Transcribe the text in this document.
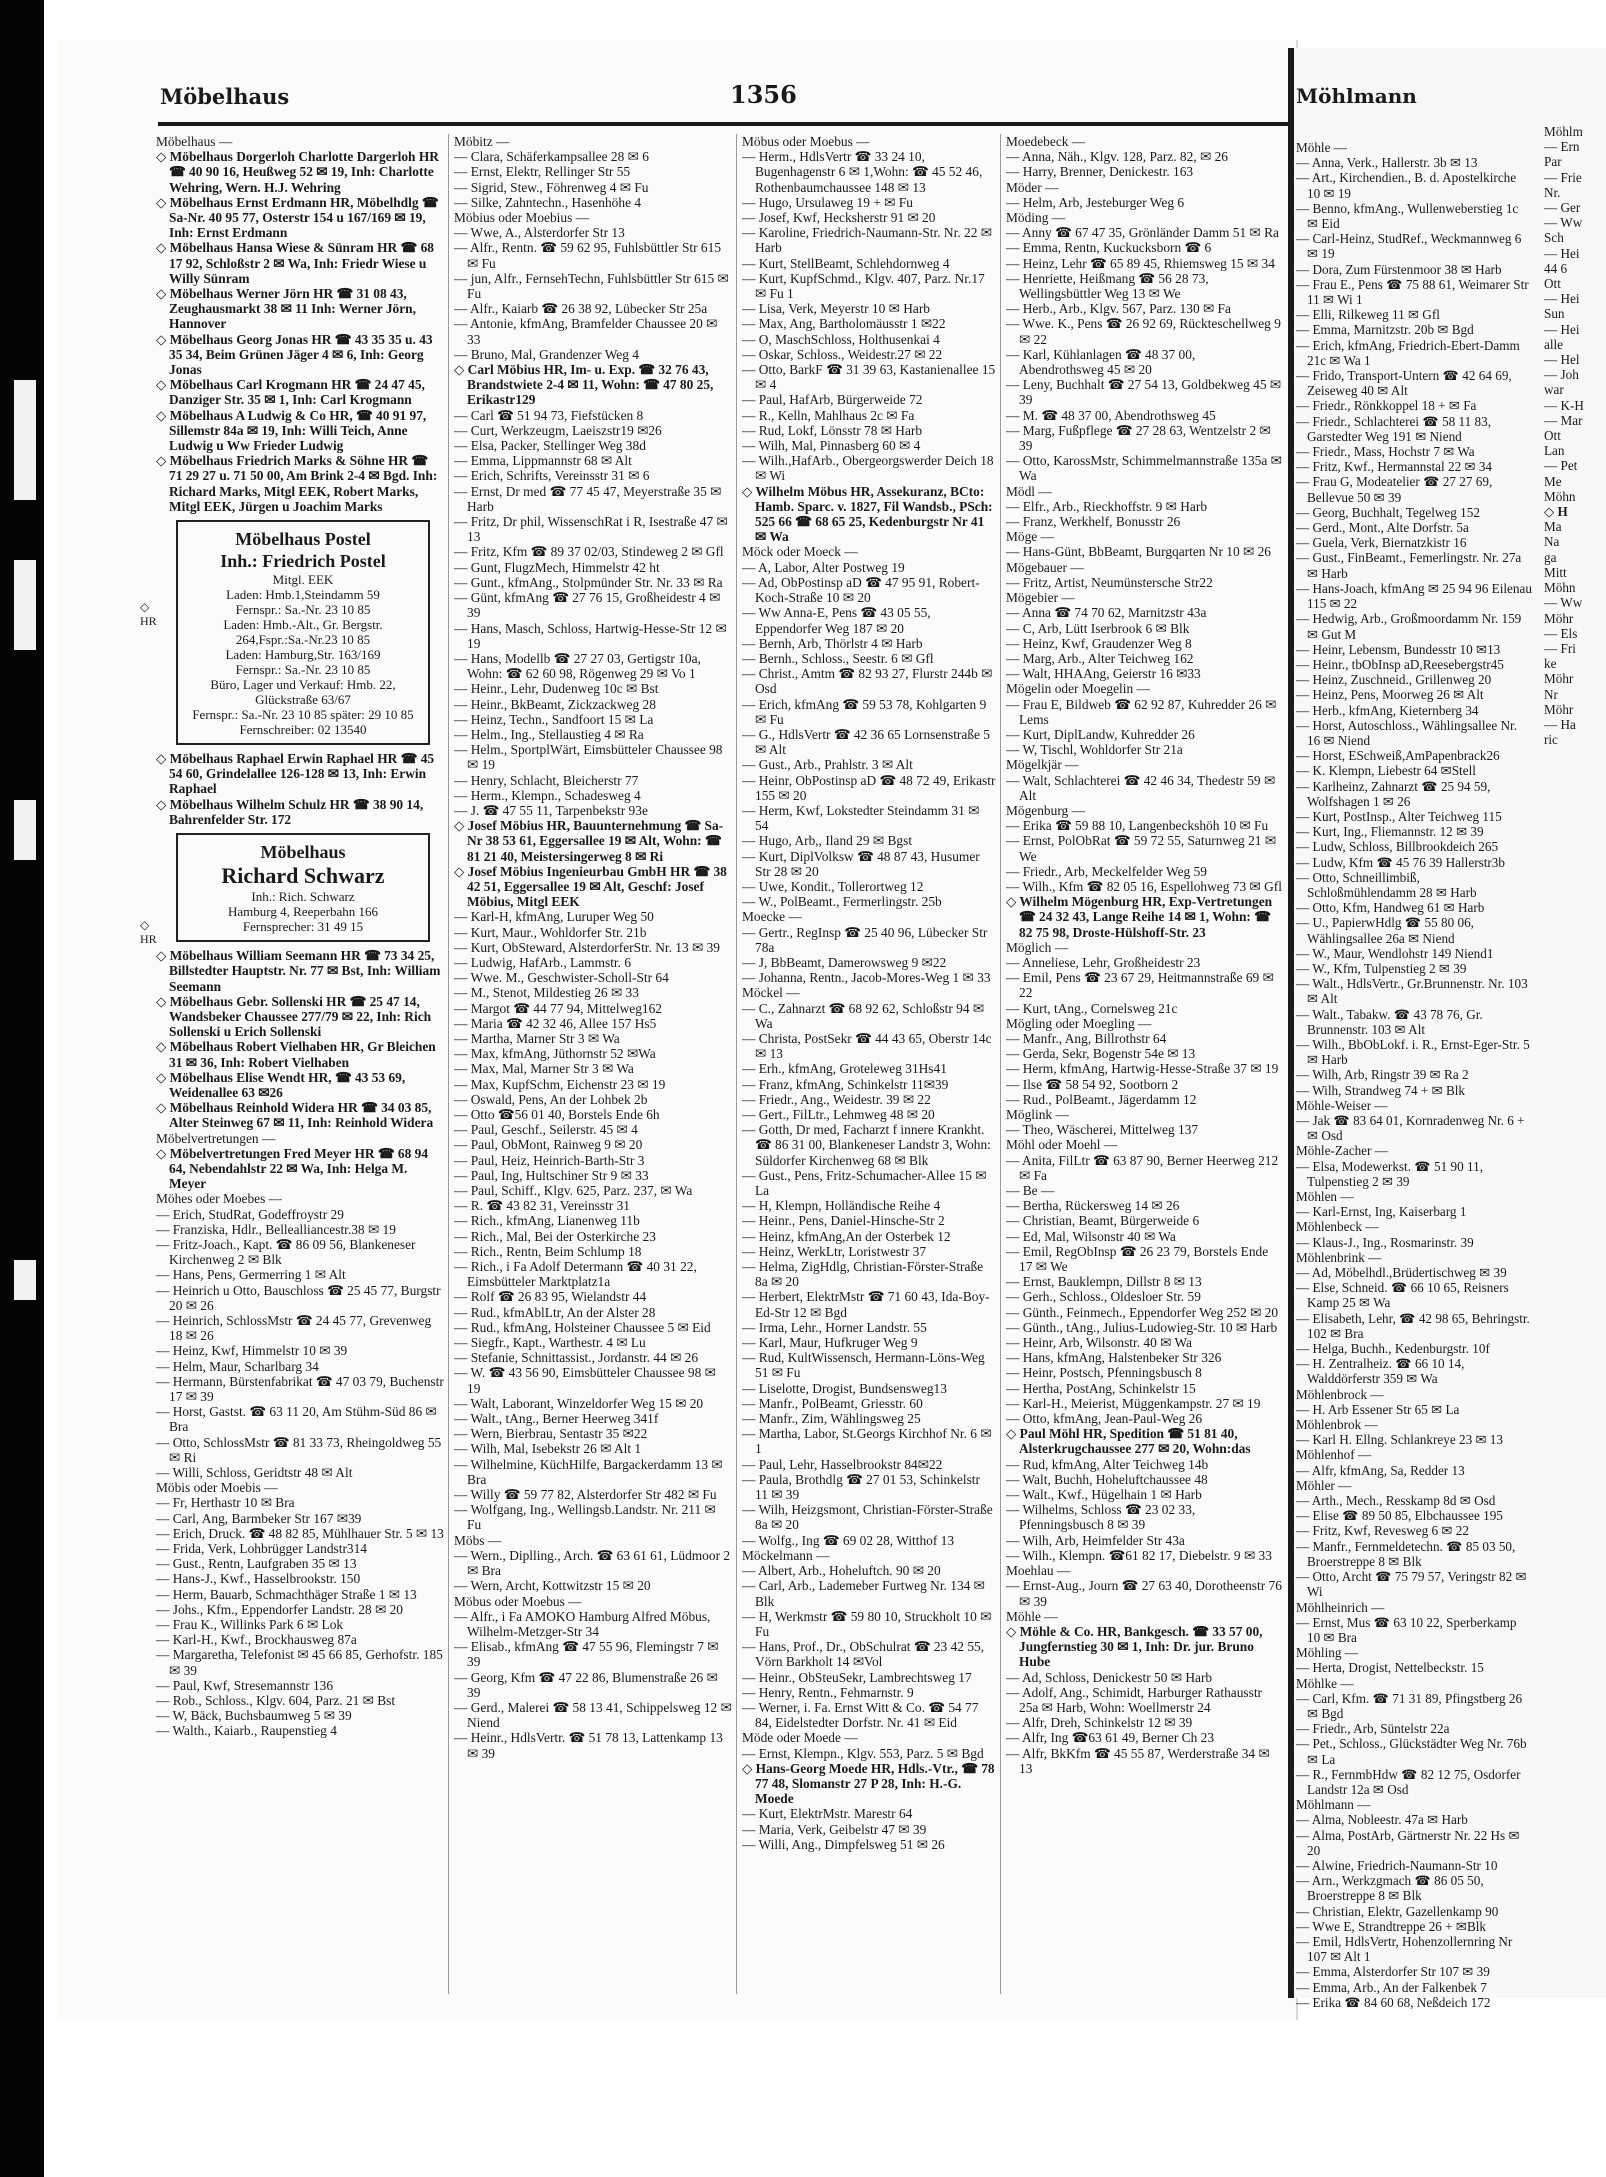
Möbelhaus	1356	Möhlmann

Möbelhaus —

◇ Möbelhaus Dorgerloh Charlotte Dargerloh HR ☎ 40 90 16, Heußweg 52 ✉ 19, Inh: Charlotte Wehring, Wern. H.J. Wehring

◇ Möbelhaus Ernst Erdmann HR, Möbelhdlg ☎ Sa-Nr. 40 95 77, Osterstr 154 u 167/169 ✉ 19, Inh: Ernst Erdmann

◇ Möbelhaus Hansa Wiese & Sünram HR ☎ 68 17 92, Schloßstr 2 ✉ Wa, Inh: Friedr Wiese u Willy Sünram

◇ Möbelhaus Werner Jörn HR ☎ 31 08 43, Zeughausmarkt 38 ✉ 11 Inh: Werner Jörn, Hannover

◇ Möbelhaus Georg Jonas HR ☎ 43 35 35 u. 43 35 34, Beim Grünen Jäger 4 ✉ 6, Inh: Georg Jonas

◇ Möbelhaus Carl Krogmann HR ☎ 24 47 45, Danziger Str. 35 ✉ 1, Inh: Carl Krogmann

◇ Möbelhaus A Ludwig & Co HR, ☎ 40 91 97, Sillemstr 84a ✉ 19, Inh: Willi Teich, Anne Ludwig u Ww Frieder Ludwig

◇ Möbelhaus Friedrich Marks & Söhne HR ☎ 71 29 27 u. 71 50 00, Am Brink 2-4 ✉ Bgd. Inh: Richard Marks, Mitgl EEK, Robert Marks, Mitgl EEK, Jürgen u Joachim Marks

Möbelhaus Postel
Inh.: Friedrich Postel
Mitgl. EEK
Laden: Hmb.1,Steindamm 59
Fernspr.: Sa.-Nr. 23 10 85
Laden: Hmb.-Alt., Gr. Bergstr. 264,Fspr.:Sa.-Nr.23 10 85
Laden: Hamburg,Str. 163/169
Fernspr.: Sa.-Nr. 23 10 85
Büro, Lager und Verkauf: Hmb. 22, Glückstraße 63/67
Fernspr.: Sa.-Nr. 23 10 85 später: 29 10 85
Fernschreiber: 02 13540

◇ Möbelhaus Raphael Erwin Raphael HR ☎ 45 54 60, Grindelallee 126-128 ✉ 13, Inh: Erwin Raphael

◇ Möbelhaus Wilhelm Schulz HR ☎ 38 90 14, Bahrenfelder Str. 172

Möbelhaus
Richard Schwarz
Inh.: Rich. Schwarz
Hamburg 4, Reeperbahn 166
Fernsprecher: 31 49 15

◇ Möbelhaus William Seemann HR ☎ 73 34 25, Billstedter Hauptstr. Nr. 77 ✉ Bst, Inh: William Seemann

◇ Möbelhaus Gebr. Sollenski HR ☎ 25 47 14, Wandsbeker Chaussee 277/79 ✉ 22, Inh: Rich Sollenski u Erich Sollenski

◇ Möbelhaus Robert Vielhaben HR, Gr Bleichen 31 ✉ 36, Inh: Robert Vielhaben

◇ Möbelhaus Elise Wendt HR, ☎ 43 53 69, Weidenallee 63 ✉26

◇ Möbelhaus Reinhold Widera HR ☎ 34 03 85, Alter Steinweg 67 ✉ 11, Inh: Reinhold Widera

Möbelvertretungen —

◇ Möbelvertretungen Fred Meyer HR ☎ 68 94 64, Nebendahlstr 22 ✉ Wa, Inh: Helga M. Meyer

Möhes oder Moebes —

— Erich, StudRat, Godeffroystr 29

— Franziska, Hdlr., Bellealliancestr.38 ✉ 19

— Fritz-Joach., Kapt. ☎ 86 09 56, Blankeneser Kirchenweg 2 ✉ Blk

— Hans, Pens, Germerring 1 ✉ Alt

— Heinrich u Otto, Bauschloss ☎ 25 45 77, Burgstr 20 ✉ 26

— Heinrich, SchlossMstr ☎ 24 45 77, Grevenweg 18 ✉ 26

— Heinz, Kwf, Himmelstr 10 ✉ 39

— Helm, Maur, Scharlbarg 34

— Hermann, Bürstenfabrikat ☎ 47 03 79, Buchenstr 17 ✉ 39

— Horst, Gastst. ☎ 63 11 20, Am Stühm-Süd 86 ✉ Bra

— Otto, SchlossMstr ☎ 81 33 73, Rheingoldweg 55 ✉ Ri

— Willi, Schloss, Geridtstr 48 ✉ Alt

Möbis oder Moebis —

— Fr, Herthastr 10 ✉ Bra

— Carl, Ang, Barmbeker Str 167 ✉39

— Erich, Druck. ☎ 48 82 85, Mühlhauer Str. 5 ✉ 13

— Frida, Verk, Lohbrügger Landstr314

— Gust., Rentn, Laufgraben 35 ✉ 13

— Hans-J., Kwf., Hasselbrookstr. 150

— Herm, Bauarb, Schmachthäger Straße 1 ✉ 13

— Johs., Kfm., Eppendorfer Landstr. 28 ✉ 20

— Frau K., Willinks Park 6 ✉ Lok

— Karl-H., Kwf., Brockhausweg 87a

— Margaretha, Telefonist ✉ 45 66 85, Gerhofstr. 185 ✉ 39

— Paul, Kwf, Stresemannstr 136

— Rob., Schloss., Klgv. 604, Parz. 21 ✉ Bst

— W, Bäck, Buchsbaumweg 5 ✉ 39

— Walth., Kaiarb., Raupenstieg 4

◇ HR
◇ HR

Möbitz —

— Clara, Schäferkampsallee 28 ✉ 6

— Ernst, Elektr, Rellinger Str 55

— Sigrid, Stew., Föhrenweg 4 ✉ Fu

— Silke, Zahntechn., Hasenhöhe 4

Möbius oder Moebius —

— Wwe, A., Alsterdorfer Str 13

— Alfr., Rentn. ☎ 59 62 95, Fuhlsbüttler Str 615 ✉ Fu

— jun, Alfr., FernsehTechn, Fuhlsbüttler Str 615 ✉ Fu

— Alfr., Kaiarb ☎ 26 38 92, Lübecker Str 25a

— Antonie, kfmAng, Bramfelder Chaussee 20 ✉ 33

— Bruno, Mal, Grandenzer Weg 4

◇ Carl Möbius HR, Im- u. Exp. ☎ 32 76 43, Brandstwiete 2-4 ✉ 11, Wohn: ☎ 47 80 25, Erikastr129

— Carl ☎ 51 94 73, Fiefstücken 8

— Curt, Werkzeugm, Laeiszstr19 ✉26

— Elsa, Packer, Stellinger Weg 38d

— Emma, Lippmannstr 68 ✉ Alt

— Erich, Schrifts, Vereinsstr 31 ✉ 6

— Ernst, Dr med ☎ 77 45 47, Meyerstraße 35 ✉ Harb

— Fritz, Dr phil, WissenschRat i R, Isestraße 47 ✉ 13

— Fritz, Kfm ☎ 89 37 02/03, Stindeweg 2 ✉ Gfl

— Gunt, FlugzMech, Himmelstr 42 ht

— Gunt., kfmAng., Stolpmünder Str. Nr. 33 ✉ Ra

— Günt, kfmAng ☎ 27 76 15, Großheidestr 4 ✉ 39

— Hans, Masch, Schloss, Hartwig-Hesse-Str 12 ✉ 19

— Hans, Modellb ☎ 27 27 03, Gertigstr 10a, Wohn: ☎ 62 60 98, Rögenweg 29 ✉ Vo 1

— Heinr., Lehr, Dudenweg 10c ✉ Bst

— Heinr., BkBeamt, Zickzackweg 28

— Heinz, Techn., Sandfoort 15 ✉ La

— Helm., Ing., Stellaustieg 4 ✉ Ra

— Helm., SportplWärt, Eimsbütteler Chaussee 98 ✉ 19

— Henry, Schlacht, Bleicherstr 77

— Herm., Klempn., Schadesweg 4

— J. ☎ 47 55 11, Tarpenbekstr 93e

◇ Josef Möbius HR, Bauunternehmung ☎ Sa-Nr 38 53 61, Eggersallee 19 ✉ Alt, Wohn: ☎ 81 21 40, Meistersingerweg 8 ✉ Ri

◇ Josef Möbius Ingenieurbau GmbH HR ☎ 38 42 51, Eggersallee 19 ✉ Alt, Geschf: Josef Möbius, Mitgl EEK

— Karl-H, kfmAng, Luruper Weg 50

— Kurt, Maur., Wohldorfer Str. 21b

— Kurt, ObSteward, AlsterdorferStr. Nr. 13 ✉ 39

— Ludwig, HafArb., Lammstr. 6

— Wwe. M., Geschwister-Scholl-Str 64

— M., Stenot, Mildestieg 26 ✉ 33

— Margot ☎ 44 77 94, Mittelweg162

— Maria ☎ 42 32 46, Allee 157 Hs5

— Martha, Marner Str 3 ✉ Wa

— Max, kfmAng, Jüthornstr 52 ✉Wa

— Max, Mal, Marner Str 3 ✉ Wa

— Max, KupfSchm, Eichenstr 23 ✉ 19

— Oswald, Pens, An der Lohbek 2b

— Otto ☎56 01 40, Borstels Ende 6h

— Paul, Geschf., Seilerstr. 45 ✉ 4

— Paul, ObMont, Rainweg 9 ✉ 20

— Paul, Heiz, Heinrich-Barth-Str 3

— Paul, Ing, Hultschiner Str 9 ✉ 33

— Paul, Schiff., Klgv. 625, Parz. 237, ✉ Wa

— R. ☎ 43 82 31, Vereinsstr 31

— Rich., kfmAng, Lianenweg 11b

— Rich., Mal, Bei der Osterkirche 23

— Rich., Rentn, Beim Schlump 18

— Rich., i Fa Adolf Determann ☎ 40 31 22, Eimsbütteler Marktplatz1a

— Rolf ☎ 26 83 95, Wielandstr 44

— Rud., kfmAblLtr, An der Alster 28

— Rud., kfmAng, Holsteiner Chaussee 5 ✉ Eid

— Siegfr., Kapt., Warthestr. 4 ✉ Lu

— Stefanie, Schnittassist., Jordanstr. 44 ✉ 26

— W. ☎ 43 56 90, Eimsbütteler Chaussee 98 ✉ 19

— Walt, Laborant, Winzeldorfer Weg 15 ✉ 20

— Walt., tAng., Berner Heerweg 341f

— Wern, Bierbrau, Sentastr 35 ✉22

— Wilh, Mal, Isebekstr 26 ✉ Alt 1

— Wilhelmine, KüchHilfe, Bargackerdamm 13 ✉ Bra

— Willy ☎ 59 77 82, Alsterdorfer Str 482 ✉ Fu

— Wolfgang, Ing., Wellingsb.Landstr. Nr. 211 ✉ Fu

Möbs —

— Wern., Diplling., Arch. ☎ 63 61 61, Lüdmoor 2 ✉ Bra

— Wern, Archt, Kottwitzstr 15 ✉ 20

Möbus oder Moebus —

— Alfr., i Fa AMOKO Hamburg Alfred Möbus, Wilhelm-Metzger-Str 34

— Elisab., kfmAng ☎ 47 55 96, Flemingstr 7 ✉ 39

— Georg, Kfm ☎ 47 22 86, Blumenstraße 26 ✉ 39

— Gerd., Malerei ☎ 58 13 41, Schippelsweg 12 ✉ Niend

— Heinr., HdlsVertr. ☎ 51 78 13, Lattenkamp 13 ✉ 39

Möbus oder Moebus —

— Herm., HdlsVertr ☎ 33 24 10, Bugenhagenstr 6 ✉ 1,Wohn: ☎ 45 52 46, Rothenbaumchaussee 148 ✉ 13

— Hugo, Ursulaweg 19 + ✉ Fu

— Josef, Kwf, Hecksherstr 91 ✉ 20

— Karoline, Friedrich-Naumann-Str. Nr. 22 ✉ Harb

— Kurt, StellBeamt, Schlehdornweg 4

— Kurt, KupfSchmd., Klgv. 407, Parz. Nr.17 ✉ Fu 1

— Lisa, Verk, Meyerstr 10 ✉ Harb

— Max, Ang, Bartholomäusstr 1 ✉22

— O, MaschSchloss, Holthusenkai 4

— Oskar, Schloss., Weidestr.27 ✉ 22

— Otto, BarkF ☎ 31 39 63, Kastanienallee 15 ✉ 4

— Paul, HafArb, Bürgerweide 72

— R., Kelln, Mahlhaus 2c ✉ Fa

— Rud, Lokf, Lönsstr 78 ✉ Harb

— Wilh, Mal, Pinnasberg 60 ✉ 4

— Wilh.,HafArb., Obergeorgswerder Deich 18 ✉ Wi

◇ Wilhelm Möbus HR, Assekuranz, BCto: Hamb. Sparc. v. 1827, Fil Wandsb., PSch: 525 66 ☎ 68 65 25, Kedenburgstr Nr 41 ✉ Wa

Möck oder Moeck —

— A, Labor, Alter Postweg 19

— Ad, ObPostinsp aD ☎ 47 95 91, Robert-Koch-Straße 10 ✉ 20

— Ww Anna-E, Pens ☎ 43 05 55, Eppendorfer Weg 187 ✉ 20

— Bernh, Arb, Thörlstr 4 ✉ Harb

— Bernh., Schloss., Seestr. 6 ✉ Gfl

— Christ., Amtm ☎ 82 93 27, Flurstr 244b ✉ Osd

— Erich, kfmAng ☎ 59 53 78, Kohlgarten 9 ✉ Fu

— G., HdlsVertr ☎ 42 36 65 Lornsenstraße 5 ✉ Alt

— Gust., Arb., Prahlstr. 3 ✉ Alt

— Heinr, ObPostinsp aD ☎ 48 72 49, Erikastr 155 ✉ 20

— Herm, Kwf, Lokstedter Steindamm 31 ✉ 54

— Hugo, Arb,, Iland 29 ✉ Bgst

— Kurt, DiplVolksw ☎ 48 87 43, Husumer Str 28 ✉ 20

— Uwe, Kondit., Tollerortweg 12

— W., PolBeamt., Fermerlingstr. 25b

Moecke —

— Gertr., RegInsp ☎ 25 40 96, Lübecker Str 78a

— J, BbBeamt, Damerowsweg 9 ✉22

— Johanna, Rentn., Jacob-Mores-Weg 1 ✉ 33

Möckel —

— C., Zahnarzt ☎ 68 92 62, Schloßstr 94 ✉ Wa

— Christa, PostSekr ☎ 44 43 65, Oberstr 14c ✉ 13

— Erh., kfmAng, Groteleweg 31Hs41

— Franz, kfmAng, Schinkelstr 11✉39

— Friedr., Ang., Weidestr. 39 ✉ 22

— Gert., FilLtr., Lehmweg 48 ✉ 20

— Gotth, Dr med, Facharzt f innere Krankht. ☎ 86 31 00, Blankeneser Landstr 3, Wohn: Süldorfer Kirchenweg 68 ✉ Blk

— Gust., Pens, Fritz-Schumacher-Allee 15 ✉ La

— H, Klempn, Holländische Reihe 4

— Heinr., Pens, Daniel-Hinsche-Str 2

— Heinz, kfmAng,An der Osterbek 12

— Heinz, WerkLtr, Loristwestr 37

— Helma, ZigHdlg, Christian-Förster-Straße 8a ✉ 20

— Herbert, ElektrMstr ☎ 71 60 43, Ida-Boy-Ed-Str 12 ✉ Bgd

— Irma, Lehr., Horner Landstr. 55

— Karl, Maur, Hufkruger Weg 9

— Rud, KultWissensch, Hermann-Löns-Weg 51 ✉ Fu

— Liselotte, Drogist, Bundsensweg13

— Manfr., PolBeamt, Griesstr. 60

— Manfr., Zim, Wählingsweg 25

— Martha, Labor, St.Georgs Kirchhof Nr. 6 ✉ 1

— Paul, Lehr, Hasselbrookstr 84✉22

— Paula, Brothdlg ☎ 27 01 53, Schinkelstr 11 ✉ 39

— Wilh, Heizgsmont, Christian-Förster-Straße 8a ✉ 20

— Wolfg., Ing ☎ 69 02 28, Witthof 13

Möckelmann —

— Albert, Arb., Hoheluftch. 90 ✉ 20

— Carl, Arb., Lademeber Furtweg Nr. 134 ✉ Blk

— H, Werkmstr ☎ 59 80 10, Struckholt 10 ✉ Fu

— Hans, Prof., Dr., ObSchulrat ☎ 23 42 55, Vörn Barkholt 14 ✉Vol

— Heinr., ObSteuSekr, Lambrechtsweg 17

— Henry, Rentn., Fehmarnstr. 9

— Werner, i. Fa. Ernst Witt & Co. ☎ 54 77 84, Eidelstedter Dorfstr. Nr. 41 ✉ Eid

Möde oder Moede —

— Ernst, Klempn., Klgv. 553, Parz. 5 ✉ Bgd

◇ Hans-Georg Moede HR, Hdls.-Vtr., ☎ 78 77 48, Slomanstr 27 P 28, Inh: H.-G. Moede

— Kurt, ElektrMstr. Marestr 64

— Maria, Verk, Geibelstr 47 ✉ 39

— Willi, Ang., Dimpfelsweg 51 ✉ 26

Moedebeck —

— Anna, Näh., Klgv. 128, Parz. 82, ✉ 26

— Harry, Brenner, Denickestr. 163

Möder —

— Helm, Arb, Jesteburger Weg 6

Möding —

— Anny ☎ 67 47 35, Grönländer Damm 51 ✉ Ra

— Emma, Rentn, Kuckucksborn ☎ 6

— Heinz, Lehr ☎ 65 89 45, Rhiemsweg 15 ✉ 34

— Henriette, Heißmang ☎ 56 28 73, Wellingsbüttler Weg 13 ✉ We

— Herb., Arb., Klgv. 567, Parz. 130 ✉ Fa

— Wwe. K., Pens ☎ 26 92 69, Rückteschellweg 9 ✉ 22

— Karl, Kühlanlagen ☎ 48 37 00, Abendrothsweg 45 ✉ 20

— Leny, Buchhalt ☎ 27 54 13, Goldbekweg 45 ✉ 39

— M. ☎ 48 37 00, Abendrothsweg 45

— Marg, Fußpflege ☎ 27 28 63, Wentzelstr 2 ✉ 39

— Otto, KarossMstr, Schimmelmannstraße 135a ✉ Wa

Mödl —

— Elfr., Arb., Rieckhoffstr. 9 ✉ Harb

— Franz, Werkhelf, Bonusstr 26

Möge —

— Hans-Günt, BbBeamt, Burgqarten Nr 10 ✉ 26

Mögebauer —

— Fritz, Artist, Neumünstersche Str22

Mögebier —

— Anna ☎ 74 70 62, Marnitzstr 43a

— C, Arb, Lütt Iserbrook 6 ✉ Blk

— Heinz, Kwf, Graudenzer Weg 8

— Marg, Arb., Alter Teichweg 162

— Walt, HHAAng, Geierstr 16 ✉33

Mögelin oder Moegelin —

— Frau E, Bildweb ☎ 62 92 87, Kuhredder 26 ✉ Lems

— Kurt, DiplLandw, Kuhredder 26

— W, Tischl, Wohldorfer Str 21a

Mögelkjär —

— Walt, Schlachterei ☎ 42 46 34, Thedestr 59 ✉ Alt

Mögenburg —

— Erika ☎ 59 88 10, Langenbeckshöh 10 ✉ Fu

— Ernst, PolObRat ☎ 59 72 55, Saturnweg 21 ✉ We

— Friedr., Arb, Meckelfelder Weg 59

— Wilh., Kfm ☎ 82 05 16, Espellohweg 73 ✉ Gfl

◇ Wilhelm Mögenburg HR, Exp-Vertretungen ☎ 24 32 43, Lange Reihe 14 ✉ 1, Wohn: ☎ 82 75 98, Droste-Hülshoff-Str. 23

Möglich —

— Anneliese, Lehr, Großheidestr 23

— Emil, Pens ☎ 23 67 29, Heitmannstraße 69 ✉ 22

— Kurt, tAng., Cornelsweg 21c

Mögling oder Moegling —

— Manfr., Ang, Billrothstr 64

— Gerda, Sekr, Bogenstr 54e ✉ 13

— Herm, kfmAng, Hartwig-Hesse-Straße 37 ✉ 19

— Ilse ☎ 58 54 92, Sootborn 2

— Rud., PolBeamt., Jägerdamm 12

Möglink —

— Theo, Wäscherei, Mittelweg 137

Möhl oder Moehl —

— Anita, FilLtr ☎ 63 87 90, Berner Heerweg 212 ✉ Fa

— Be —

— Bertha, Rückersweg 14 ✉ 26

— Christian, Beamt, Bürgerweide 6

— Ed, Mal, Wilsonstr 40 ✉ Wa

— Emil, RegObInsp ☎ 26 23 79, Borstels Ende 17 ✉ We

— Ernst, Bauklempn, Dillstr 8 ✉ 13

— Gerh., Schloss., Oldesloer Str. 59

— Günth., Feinmech., Eppendorfer Weg 252 ✉ 20

— Günth., tAng., Julius-Ludowieg-Str. 10 ✉ Harb

— Heinr, Arb, Wilsonstr. 40 ✉ Wa

— Hans, kfmAng, Halstenbeker Str 326

— Heinr, Postsch, Pfenningsbusch 8

— Hertha, PostAng, Schinkelstr 15

— Karl-H., Meierist, Müggenkampstr. 27 ✉ 19

— Otto, kfmAng, Jean-Paul-Weg 26

◇ Paul Möhl HR, Spedition ☎ 51 81 40, Alsterkrugchaussee 277 ✉ 20, Wohn:das

— Rud, kfmAng, Alter Teichweg 14b

— Walt, Buchh, Hoheluftchaussee 48

— Walt., Kwf., Hügelhain 1 ✉ Harb

— Wilhelms, Schloss ☎ 23 02 33, Pfenningsbusch 8 ✉ 39

— Wilh, Arb, Heimfelder Str 43a

— Wilh., Klempn. ☎61 82 17, Diebelstr. 9 ✉ 33

Moehlau —

— Ernst-Aug., Journ ☎ 27 63 40, Dorotheenstr 76 ✉ 39

Möhle —

◇ Möhle & Co. HR, Bankgesch. ☎ 33 57 00, Jungfernstieg 30 ✉ 1, Inh: Dr. jur. Bruno Hube

— Ad, Schloss, Denickestr 50 ✉ Harb

— Adolf, Ang., Schimidt, Harburger Rathausstr 25a ✉ Harb, Wohn: Woellmerstr 24

— Alfr, Dreh, Schinkelstr 12 ✉ 39

— Alfr, Ing ☎63 61 49, Berner Ch 23

— Alfr, BkKfm ☎ 45 55 87, Werderstraße 34 ✉ 13

Möhle —

— Anna, Verk., Hallerstr. 3b ✉ 13

— Art., Kirchendien., B. d. Apostelkirche 10 ✉ 19

— Benno, kfmAng., Wullenweberstieg 1c ✉ Eid

— Carl-Heinz, StudRef., Weckmannweg 6 ✉ 19

— Dora, Zum Fürstenmoor 38 ✉ Harb

— Frau E., Pens ☎ 75 88 61, Weimarer Str 11 ✉ Wi 1

— Elli, Rilkeweg 11 ✉ Gfl

— Emma, Marnitzstr. 20b ✉ Bgd

— Erich, kfmAng, Friedrich-Ebert-Damm 21c ✉ Wa 1

— Frido, Transport-Untern ☎ 42 64 69, Zeiseweg 40 ✉ Alt

— Friedr., Rönkkoppel 18 + ✉ Fa

— Friedr., Schlachterei ☎ 58 11 83, Garstedter Weg 191 ✉ Niend

— Friedr., Mass, Hochstr 7 ✉ Wa

— Fritz, Kwf., Hermannstal 22 ✉ 34

— Frau G, Modeatelier ☎ 27 27 69, Bellevue 50 ✉ 39

— Georg, Buchhalt, Tegelweg 152

— Gerd., Mont., Alte Dorfstr. 5a

— Guela, Verk, Biernatzkistr 16

— Gust., FinBeamt., Femerlingstr. Nr. 27a ✉ Harb

— Hans-Joach, kfmAng ✉ 25 94 96 Eilenau 115 ✉ 22

— Hedwig, Arb., Großmoordamm Nr. 159 ✉ Gut M

— Heinr, Lebensm, Bundesstr 10 ✉13

— Heinr., tbObInsp aD,Reesebergstr45

— Heinz, Zuschneid., Grillenweg 20

— Heinz, Pens, Moorweg 26 ✉ Alt

— Herb., kfmAng, Kieternberg 34

— Horst, Autoschloss., Wählingsallee Nr. 16 ✉ Niend

— Horst, ESchweiß,AmPapenbrack26

— K. Klempn, Liebestr 64 ✉Stell

— Karlheinz, Zahnarzt ☎ 25 94 59, Wolfshagen 1 ✉ 26

— Kurt, PostInsp., Alter Teichweg 115

— Kurt, Ing., Fliemannstr. 12 ✉ 39

— Ludw, Schloss, Billbrookdeich 265

— Ludw, Kfm ☎ 45 76 39 Hallerstr3b

— Otto, Schneillimbiß, Schloßmühlendamm 28 ✉ Harb

— Otto, Kfm, Handweg 61 ✉ Harb

— U., PapierwHdlg ☎ 55 80 06, Wählingsallee 26a ✉ Niend

— W., Maur, Wendlohstr 149 Niend1

— W., Kfm, Tulpenstieg 2 ✉ 39

— Walt., HdlsVertr., Gr.Brunnenstr. Nr. 103 ✉ Alt

— Walt., Tabakw. ☎ 43 78 76, Gr. Brunnenstr. 103 ✉ Alt

— Wilh., BbObLokf. i. R., Ernst-Eger-Str. 5 ✉ Harb

— Wilh, Arb, Ringstr 39 ✉ Ra 2

— Wilh, Strandweg 74 + ✉ Blk

Möhle-Weiser —

— Jak ☎ 83 64 01, Kornradenweg Nr. 6 + ✉ Osd

Möhle-Zacher —

— Elsa, Modewerkst. ☎ 51 90 11, Tulpenstieg 2 ✉ 39

Möhlen —

— Karl-Ernst, Ing, Kaiserbarg 1

Möhlenbeck —

— Klaus-J., Ing., Rosmarinstr. 39

Möhlenbrink —

— Ad, Möbelhdl.,Brüdertischweg ✉ 39

— Else, Schneid. ☎ 66 10 65, Reisners Kamp 25 ✉ Wa

— Elisabeth, Lehr, ☎ 42 98 65, Behringstr. 102 ✉ Bra

— Helga, Buchh., Kedenburgstr. 10f

— H. Zentralheiz. ☎ 66 10 14, Walddörferstr 359 ✉ Wa

Möhlenbrock —

— H. Arb Essener Str 65 ✉ La

Möhlenbrok —

— Karl H. Ellng. Schlankreye 23 ✉ 13

Möhlenhof —

— Alfr, kfmAng, Sa, Redder 13

Möhler —

— Arth., Mech., Resskamp 8d ✉ Osd

— Elise ☎ 89 50 85, Elbchaussee 195

— Fritz, Kwf, Revesweg 6 ✉ 22

— Manfr., Fernmeldetechn. ☎ 85 03 50, Broerstreppe 8 ✉ Blk

— Otto, Archt ☎ 75 79 57, Veringstr 82 ✉ Wi

Möhlheinrich —

— Ernst, Mus ☎ 63 10 22, Sperberkamp 10 ✉ Bra

Möhling —

— Herta, Drogist, Nettelbeckstr. 15

Möhlke —

— Carl, Kfm. ☎ 71 31 89, Pfingstberg 26 ✉ Bgd

— Friedr., Arb, Süntelstr 22a

— Pet., Schloss., Glückstädter Weg Nr. 76b ✉ La

— R., FernmbHdw ☎ 82 12 75, Osdorfer Landstr 12a ✉ Osd

Möhlmann —

— Alma, Nobleestr. 47a ✉ Harb

— Alma, PostArb, Gärtnerstr Nr. 22 Hs ✉ 20

— Alwine, Friedrich-Naumann-Str 10

— Arn., Werkzgmach ☎ 86 05 50, Broerstreppe 8 ✉ Blk

— Christian, Elektr, Gazellenkamp 90

— Wwe E, Strandtreppe 26 + ✉Blk

— Emil, HdlsVertr, Hohenzollernring Nr 107 ✉ Alt 1

— Emma, Alsterdorfer Str 107 ✉ 39

— Emma, Arb., An der Falkenbek 7

— Erika ☎ 84 60 68, Neßdeich 172

Möhlm

— Ern

Par

— Frie

Nr.

— Ger

— Ww

Sch

— Hei

44 6

Ott

— Hei

Sun

— Hei

alle

— Hel

— Joh

war

— K-H

— Mar

Ott

Lan

— Pet

Me

Möhn

◇ H

Ma

Na

ga

Mitt

Möhn

— Ww

Möhr

— Els

— Fri

ke

Möhr

Nr

Möhr

— Ha

ric
